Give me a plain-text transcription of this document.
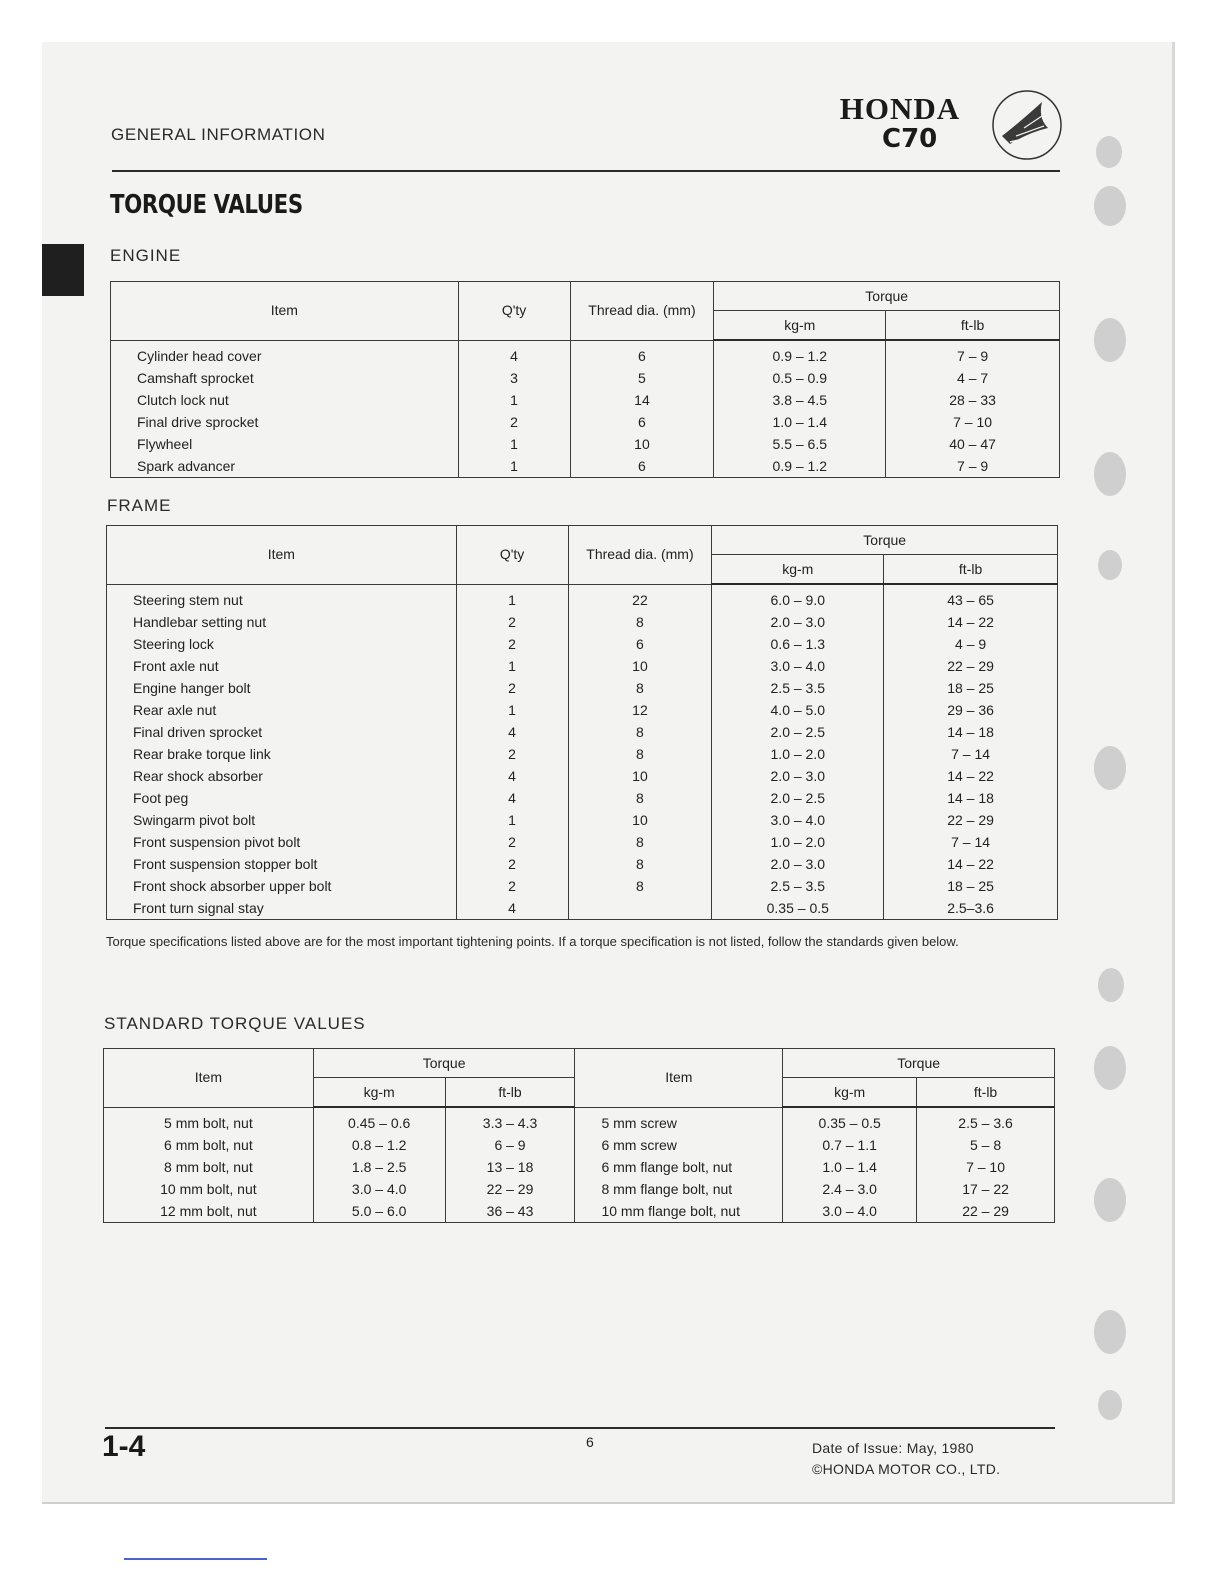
GENERAL INFORMATION
HONDA
C70
TORQUE VALUES
ENGINE
Item	Q'ty	Thread dia. (mm)	Torque	
			kg-m	ft-lb
Cylinder head cover	4	6	0.9 – 1.2	7 – 9
Camshaft sprocket	3	5	0.5 – 0.9	4 – 7
Clutch lock nut	1	14	3.8 – 4.5	28 – 33
Final drive sprocket	2	6	1.0 – 1.4	7 – 10
Flywheel	1	10	5.5 – 6.5	40 – 47
Spark advancer	1	6	0.9 – 1.2	7 – 9
FRAME
Item	Q'ty	Thread dia. (mm)	Torque	
			kg-m	ft-lb
Steering stem nut	1	22	6.0 – 9.0	43 – 65
Handlebar setting nut	2	8	2.0 – 3.0	14 – 22
Steering lock	2	6	0.6 – 1.3	4 – 9
Front axle nut	1	10	3.0 – 4.0	22 – 29
Engine hanger bolt	2	8	2.5 – 3.5	18 – 25
Rear axle nut	1	12	4.0 – 5.0	29 – 36
Final driven sprocket	4	8	2.0 – 2.5	14 – 18
Rear brake torque link	2	8	1.0 – 2.0	7 – 14
Rear shock absorber	4	10	2.0 – 3.0	14 – 22
Foot peg	4	8	2.0 – 2.5	14 – 18
Swingarm pivot bolt	1	10	3.0 – 4.0	22 – 29
Front suspension pivot bolt	2	8	1.0 – 2.0	7 – 14
Front suspension stopper bolt	2	8	2.0 – 3.0	14 – 22
Front shock absorber upper bolt	2	8	2.5 – 3.5	18 – 25
Front turn signal stay	4		0.35 – 0.5	2.5–3.6
Torque specifications listed above are for the most important tightening points. If a torque specification is not listed, follow the standards given below.
STANDARD TORQUE VALUES
Item	Torque		Item	Torque	
	kg-m	ft-lb		kg-m	ft-lb
5 mm bolt, nut	0.45 – 0.6	3.3 – 4.3	5 mm screw	0.35 – 0.5	2.5 – 3.6
6 mm bolt, nut	0.8 – 1.2	6 – 9	6 mm screw	0.7 – 1.1	5 – 8
8 mm bolt, nut	1.8 – 2.5	13 – 18	6 mm flange bolt, nut	1.0 – 1.4	7 – 10
10 mm bolt, nut	3.0 – 4.0	22 – 29	8 mm flange bolt, nut	2.4 – 3.0	17 – 22
12 mm bolt, nut	5.0 – 6.0	36 – 43	10 mm flange bolt, nut	3.0 – 4.0	22 – 29
1-4	6	Date of Issue: May, 1980
©HONDA MOTOR CO., LTD.
